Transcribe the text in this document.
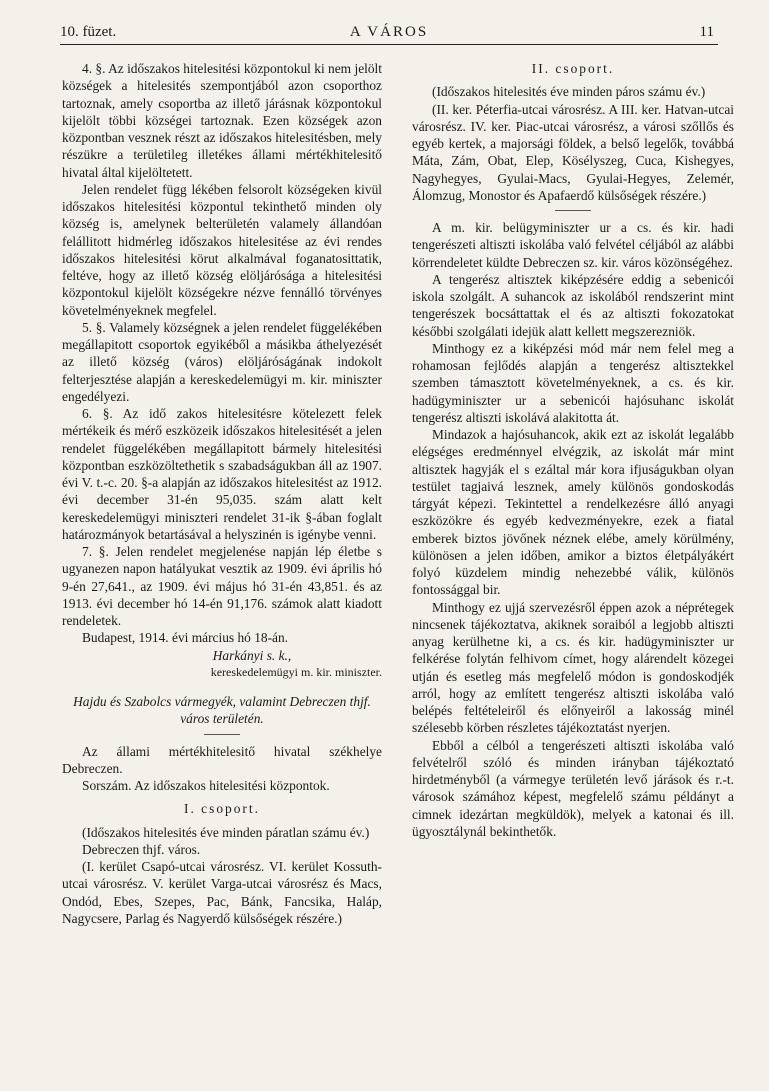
10. füzet.	A VÁROS	11

4. §. Az időszakos hitelesitési központokul ki nem jelölt községek a hitelesités szempontjából azon csoporthoz tartoznak, amely csoportba az illető járásnak központokul kijelölt többi községei tartoznak. Ezen községek azon központban vesznek részt az időszakos hitelesitésben, mely részükre a területileg illetékes állami mértékhitelesitő hivatal által kijelöltetett.

Jelen rendelet függ lékében felsorolt községeken kivül időszakos hitelesitési központul tekinthető minden oly község is, amelynek belterületén valamely állandóan felállitott hidmérleg időszakos hitelesitése az évi rendes időszakos hitelesitési körut alkalmával foganatosittatik, feltéve, hogy az illető község elöljárósága a hitelesitési központokul kijelölt községekre nézve fennálló törvényes követelményeknek megfelel.

5. §. Valamely községnek a jelen rendelet függelékében megállapitott csoportok egyikéből a másikba áthelyezését az illető község (város) elöljáróságának indokolt felterjesztése alapján a kereskedelemügyi m. kir. miniszter engedélyezi.

6. §. Az idő zakos hitelesitésre kötelezett felek mértékeik és mérő eszközeik időszakos hitelesitését a jelen rendelet függelékében megállapitott bármely hitelesitési központban eszközöltethetik s szabadságukban áll az 1907. évi V. t.-c. 20. §-a alapján az időszakos hitelesitést az 1912. évi december 31-én 95,035. szám alatt kelt kereskedelemügyi miniszteri rendelet 31-ik §-ában foglalt határozmányok betartásával a helyszinén is igénybe venni.

7. §. Jelen rendelet megjelenése napján lép életbe s ugyanezen napon hatályukat vesztik az 1909. évi április hó 9-én 27,641., az 1909. évi május hó 31-én 43,851. és az 1913. évi december hó 14-én 91,176. számok alatt kiadott rendeletek.

Budapest, 1914. évi március hó 18-án.

Harkányi s. k.,

kereskedelemügyi m. kir. miniszter.

Hajdu és Szabolcs vármegyék, valamint Debreczen thjf. város területén.

Az állami mértékhitelesitő hivatal székhelye Debreczen.

Sorszám. Az időszakos hitelesitési központok.

I. csoport.

(Időszakos hitelesités éve minden páratlan számu év.)

Debreczen thjf. város.

(I. kerület Csapó-utcai városrész. VI. kerület Kossuth-utcai városrész. V. kerület Varga-utcai városrész és Macs, Ondód, Ebes, Szepes, Pac, Bánk, Fancsika, Haláp, Nagycsere, Parlag és Nagyerdő külsőségek részére.)

II. csoport.

(Időszakos hitelesités éve minden páros számu év.)

(II. ker. Péterfia-utcai városrész. A III. ker. Hatvan-utcai városrész. IV. ker. Piac-utcai városrész, a városi szőllős és egyéb kertek, a majorsági földek, a belső legelők, továbbá Máta, Zám, Obat, Elep, Kösélyszeg, Cuca, Kishegyes, Nagyhegyes, Gyulai-Macs, Gyulai-Hegyes, Zelemér, Álomzug, Monostor és Apafaerdő külsőségek részére.)

A m. kir. belügyminiszter ur a cs. és kir. hadi tengerészeti altiszti iskolába való felvétel céljából az alábbi körrendeletet küldte Debreczen sz. kir. város közönségéhez.

A tengerész altisztek kiképzésére eddig a sebenicói iskola szolgált. A suhancok az iskolából rendszerint mint tengerészek bocsáttattak el és az altiszti fokozatokat későbbi szolgálati idejük alatt kellett megszerezniök.

Minthogy ez a kiképzési mód már nem felel meg a rohamosan fejlődés alapján a tengerész altisztekkel szemben támasztott követelményeknek, a cs. és kir. hadügyminiszter ur a sebenicói hajósuhanc iskolát tengerész altiszti iskolává alakitotta át.

Mindazok a hajósuhancok, akik ezt az iskolát legalább elégséges eredménnyel elvégzik, az iskolát már mint altisztek hagyják el s ezáltal már kora ifjuságukban olyan testület tagjaivá lesznek, amely különös gondoskodás tárgyát képezi. Tekintettel a rendelkezésre álló anyagi eszközökre és egyéb kedvezményekre, ezek a fiatal emberek biztos jövőnek néznek elébe, amely körülmény, különösen a jelen időben, amikor a biztos életpályákért folyó küzdelem mindig nehezebbé válik, különös fontossággal bir.

Minthogy ez ujjá szervezésről éppen azok a néprétegek nincsenek tájékoztatva, akiknek soraiból a legjobb altiszti anyag kerülhetne ki, a cs. és kir. hadügyminiszter ur felkérése folytán felhivom címet, hogy alárendelt közegei utján és esetleg más megfelelő módon is gondoskodjék arról, hogy az említett tengerész altiszti iskolába való belépés feltételeiről és előnyeiről a lakosság minél szélesebb körben részletes tájékoztatást nyerjen.

Ebből a célból a tengerészeti altiszti iskolába való felvételről szóló és minden irányban tájékoztató hirdetményből (a vármegye területén levő járások és r.-t. városok számához képest, megfelelő számu példányt a cimnek idezártan megküldök), melyek a katonai és ill. ügyosztálynál bekinthetők.
